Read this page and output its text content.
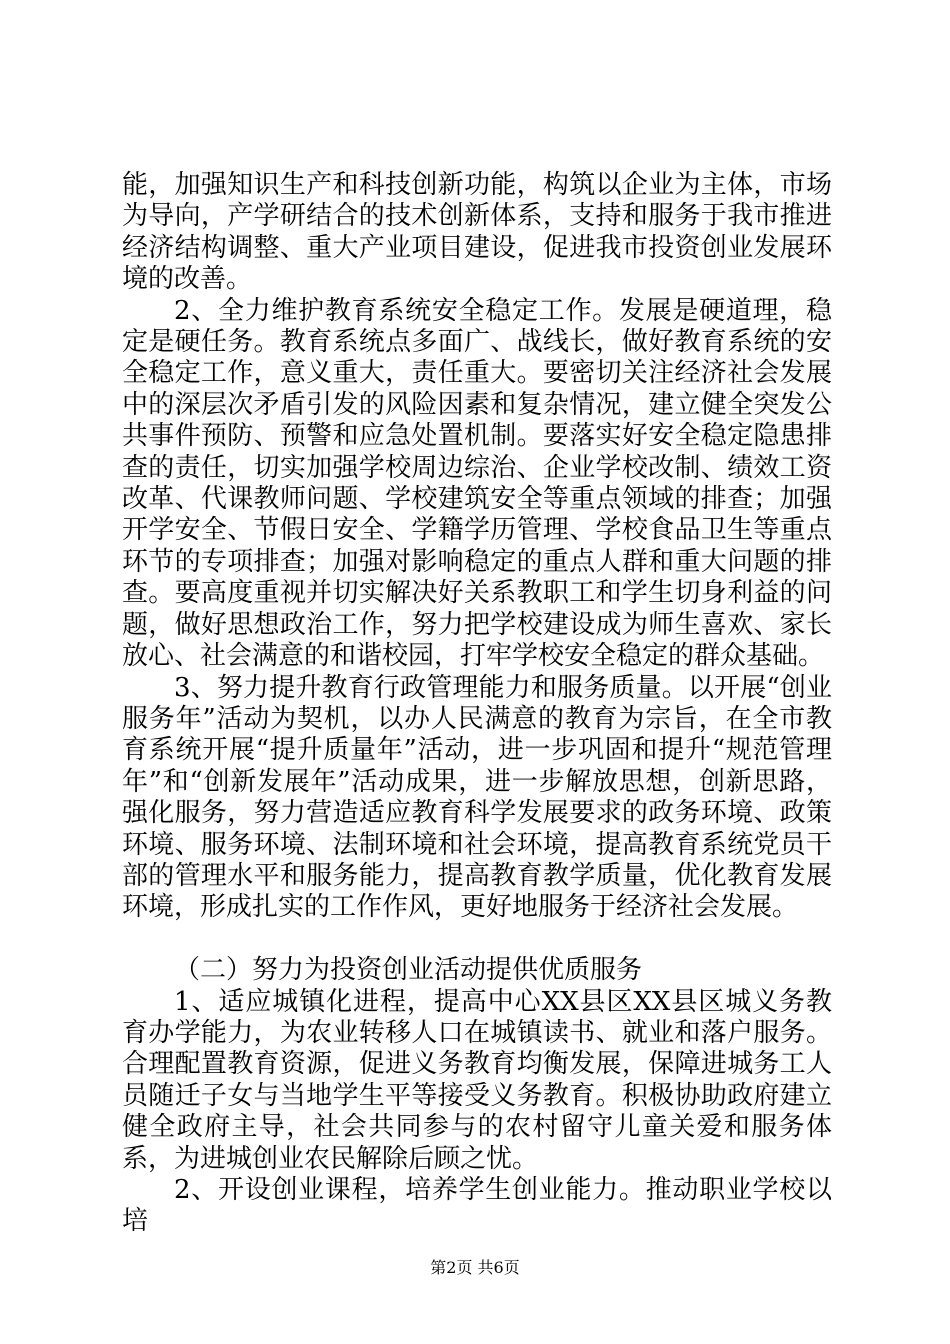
能，加强知识生产和科技创新功能，构筑以企业为主体，市场为导向，产学研结合的技术创新体系，支持和服务于我市推进经济结构调整、重大产业项目建设，促进我市投资创业发展环境的改善。

2、全力维护教育系统安全稳定工作。发展是硬道理，稳定是硬任务。教育系统点多面广、战线长，做好教育系统的安全稳定工作，意义重大，责任重大。要密切关注经济社会发展中的深层次矛盾引发的风险因素和复杂情况，建立健全突发公共事件预防、预警和应急处置机制。要落实好安全稳定隐患排查的责任，切实加强学校周边综治、企业学校改制、绩效工资改革、代课教师问题、学校建筑安全等重点领域的排查；加强开学安全、节假日安全、学籍学历管理、学校食品卫生等重点环节的专项排查；加强对影响稳定的重点人群和重大问题的排查。要高度重视并切实解决好关系教职工和学生切身利益的问题，做好思想政治工作，努力把学校建设成为师生喜欢、家长放心、社会满意的和谐校园，打牢学校安全稳定的群众基础。

3、努力提升教育行政管理能力和服务质量。以开展“创业服务年”活动为契机，以办人民满意的教育为宗旨，在全市教育系统开展“提升质量年”活动，进一步巩固和提升“规范管理年”和“创新发展年”活动成果，进一步解放思想，创新思路，强化服务，努力营造适应教育科学发展要求的政务环境、政策环境、服务环境、法制环境和社会环境，提高教育系统党员干部的管理水平和服务能力，提高教育教学质量，优化教育发展环境，形成扎实的工作作风，更好地服务于经济社会发展。

（二）努力为投资创业活动提供优质服务

1、适应城镇化进程，提高中心XX县区XX县区城义务教育办学能力，为农业转移人口在城镇读书、就业和落户服务。合理配置教育资源，促进义务教育均衡发展，保障进城务工人员随迁子女与当地学生平等接受义务教育。积极协助政府建立健全政府主导，社会共同参与的农村留守儿童关爱和服务体系，为进城创业农民解除后顾之忧。

2、开设创业课程，培养学生创业能力。推动职业学校以培

第2页 共6页
